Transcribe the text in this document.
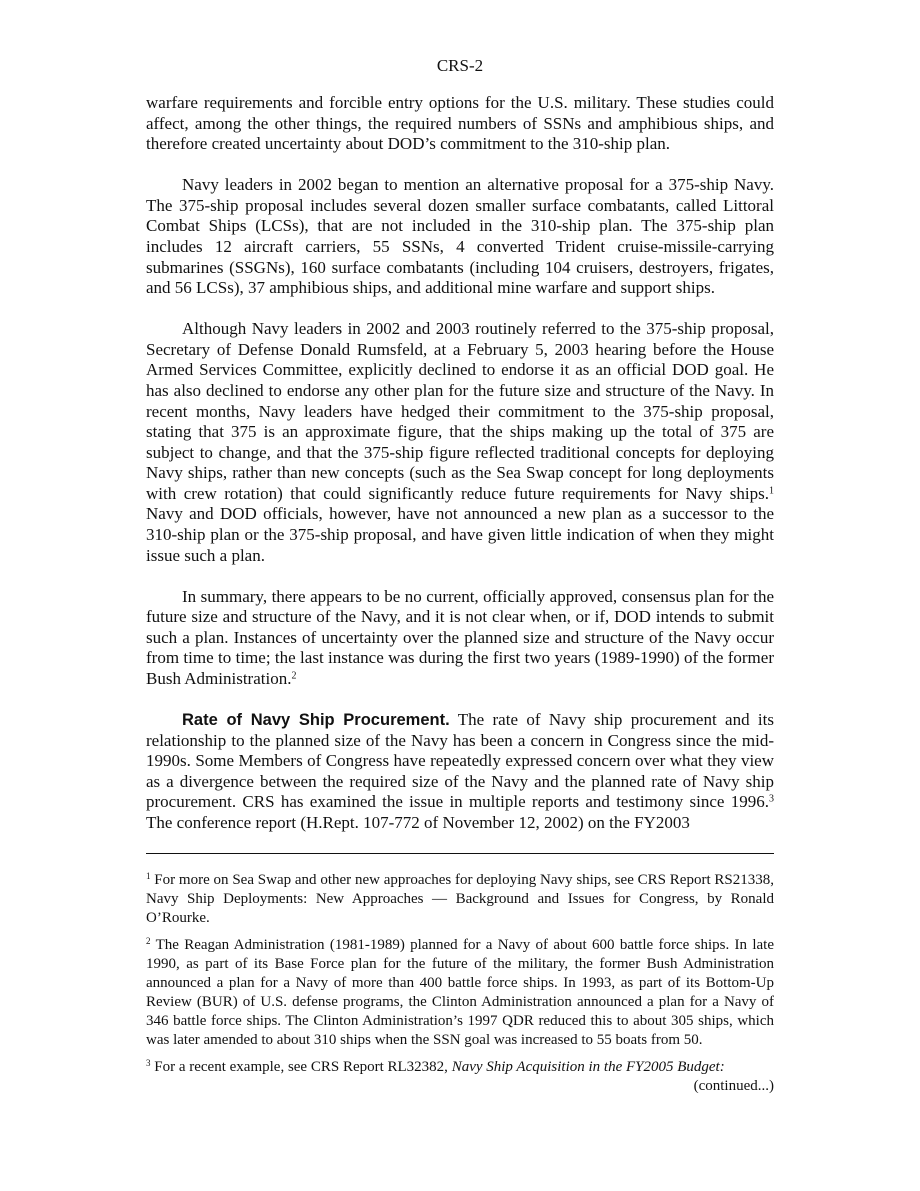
CRS-2

warfare requirements and forcible entry options for the U.S. military. These studies could affect, among the other things, the required numbers of SSNs and amphibious ships, and therefore created uncertainty about DOD’s commitment to the 310-ship plan.

Navy leaders in 2002 began to mention an alternative proposal for a 375-ship Navy. The 375-ship proposal includes several dozen smaller surface combatants, called Littoral Combat Ships (LCSs), that are not included in the 310-ship plan. The 375-ship plan includes 12 aircraft carriers, 55 SSNs, 4 converted Trident cruise-missile-carrying submarines (SSGNs), 160 surface combatants (including 104 cruisers, destroyers, frigates, and 56 LCSs), 37 amphibious ships, and additional mine warfare and support ships.

Although Navy leaders in 2002 and 2003 routinely referred to the 375-ship proposal, Secretary of Defense Donald Rumsfeld, at a February 5, 2003 hearing before the House Armed Services Committee, explicitly declined to endorse it as an official DOD goal. He has also declined to endorse any other plan for the future size and structure of the Navy. In recent months, Navy leaders have hedged their commitment to the 375-ship proposal, stating that 375 is an approximate figure, that the ships making up the total of 375 are subject to change, and that the 375-ship figure reflected traditional concepts for deploying Navy ships, rather than new concepts (such as the Sea Swap concept for long deployments with crew rotation) that could significantly reduce future requirements for Navy ships.$^1$ Navy and DOD officials, however, have not announced a new plan as a successor to the 310-ship plan or the 375-ship proposal, and have given little indication of when they might issue such a plan.

In summary, there appears to be no current, officially approved, consensus plan for the future size and structure of the Navy, and it is not clear when, or if, DOD intends to submit such a plan. Instances of uncertainty over the planned size and structure of the Navy occur from time to time; the last instance was during the first two years (1989-1990) of the former Bush Administration.$^2$

Rate of Navy Ship Procurement. The rate of Navy ship procurement and its relationship to the planned size of the Navy has been a concern in Congress since the mid-1990s. Some Members of Congress have repeatedly expressed concern over what they view as a divergence between the required size of the Navy and the planned rate of Navy ship procurement. CRS has examined the issue in multiple reports and testimony since 1996.$^3$ The conference report (H.Rept. 107-772 of November 12, 2002) on the FY2003

$^1$ For more on Sea Swap and other new approaches for deploying Navy ships, see CRS Report RS21338, Navy Ship Deployments: New Approaches — Background and Issues for Congress, by Ronald O’Rourke.

$^2$ The Reagan Administration (1981-1989) planned for a Navy of about 600 battle force ships. In late 1990, as part of its Base Force plan for the future of the military, the former Bush Administration announced a plan for a Navy of more than 400 battle force ships. In 1993, as part of its Bottom-Up Review (BUR) of U.S. defense programs, the Clinton Administration announced a plan for a Navy of 346 battle force ships. The Clinton Administration’s 1997 QDR reduced this to about 305 ships, which was later amended to about 310 ships when the SSN goal was increased to 55 boats from 50.

$^3$ For a recent example, see CRS Report RL32382, Navy Ship Acquisition in the FY2005 Budget:

(continued...)
